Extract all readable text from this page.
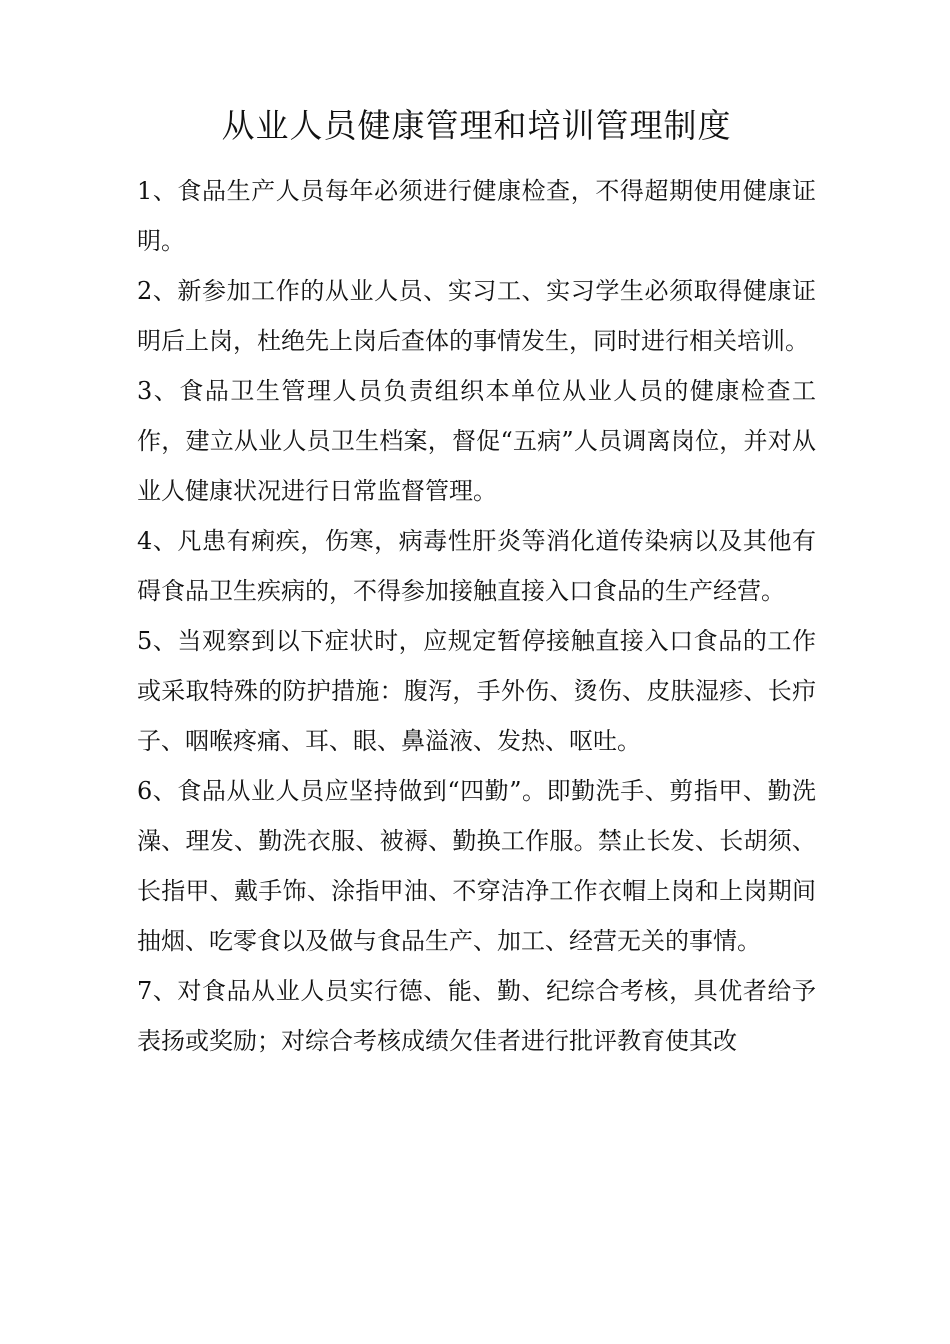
从业人员健康管理和培训管理制度

1、食品生产人员每年必须进行健康检查，不得超期使用健康证明。

2、新参加工作的从业人员、实习工、实习学生必须取得健康证明后上岗，杜绝先上岗后查体的事情发生，同时进行相关培训。

3、食品卫生管理人员负责组织本单位从业人员的健康检查工作，建立从业人员卫生档案，督促“五病”人员调离岗位，并对从业人健康状况进行日常监督管理。

4、凡患有痢疾，伤寒，病毒性肝炎等消化道传染病以及其他有碍食品卫生疾病的，不得参加接触直接入口食品的生产经营。

5、当观察到以下症状时，应规定暂停接触直接入口食品的工作或采取特殊的防护措施：腹泻，手外伤、烫伤、皮肤湿疹、长疖子、咽喉疼痛、耳、眼、鼻溢液、发热、呕吐。

6、食品从业人员应坚持做到“四勤”。即勤洗手、剪指甲、勤洗澡、理发、勤洗衣服、被褥、勤换工作服。禁止长发、长胡须、长指甲、戴手饰、涂指甲油、不穿洁净工作衣帽上岗和上岗期间抽烟、吃零食以及做与食品生产、加工、经营无关的事情。

7、对食品从业人员实行德、能、勤、纪综合考核，具优者给予表扬或奖励；对综合考核成绩欠佳者进行批评教育使其改
